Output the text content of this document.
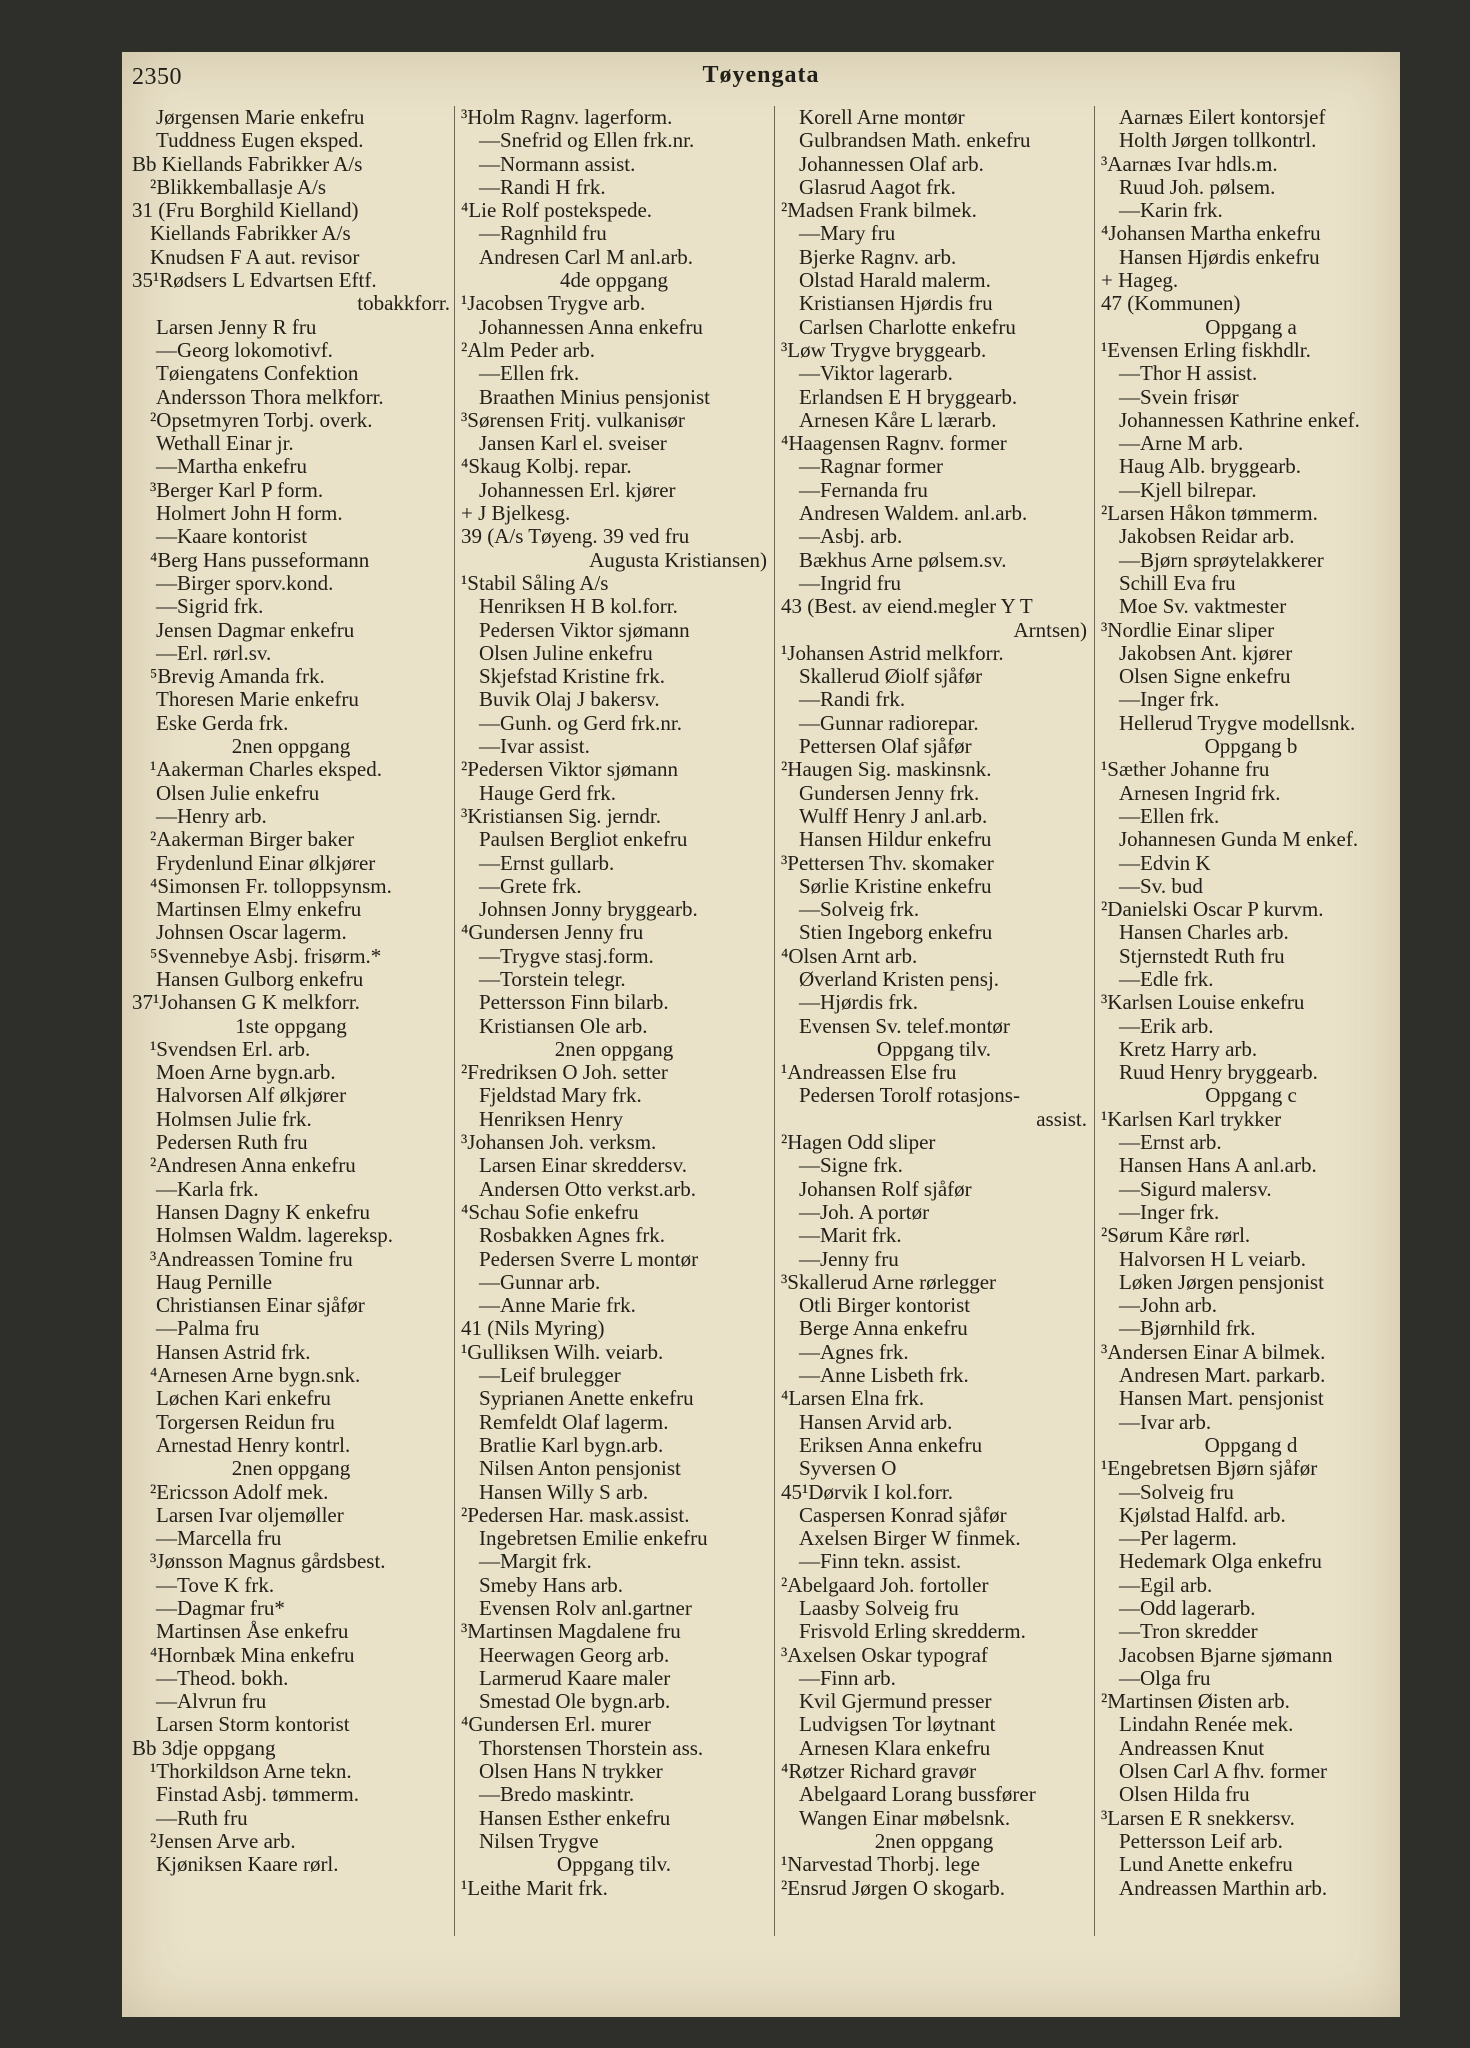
2350	Tøyengata
Jørgensen Marie enkefru
Tuddness Eugen eksped.
Bb Kiellands Fabrikker A/s
²Blikkemballasje A/s
31 (Fru Borghild Kielland)
Kiellands Fabrikker A/s
Knudsen F A aut. revisor
35¹Rødsers L Edvartsen Eftf.
tobakkforr.
Larsen Jenny R fru
—Georg lokomotivf.
Tøiengatens Confektion
Andersson Thora melkforr.
²Opsetmyren Torbj. overk.
Wethall Einar jr.
—Martha enkefru
³Berger Karl P form.
Holmert John H form.
—Kaare kontorist
⁴Berg Hans pusseformann
—Birger sporv.kond.
—Sigrid frk.
Jensen Dagmar enkefru
—Erl. rørl.sv.
⁵Brevig Amanda frk.
Thoresen Marie enkefru
Eske Gerda frk.
2nen oppgang
¹Aakerman Charles eksped.
Olsen Julie enkefru
—Henry arb.
²Aakerman Birger baker
Frydenlund Einar ølkjører
⁴Simonsen Fr. tolloppsynsm.
Martinsen Elmy enkefru
Johnsen Oscar lagerm.
⁵Svennebye Asbj. frisørm.*
Hansen Gulborg enkefru
37¹Johansen G K melkforr.
1ste oppgang
¹Svendsen Erl. arb.
Moen Arne bygn.arb.
Halvorsen Alf ølkjører
Holmsen Julie frk.
Pedersen Ruth fru
²Andresen Anna enkefru
—Karla frk.
Hansen Dagny K enkefru
Holmsen Waldm. lagereksp.
³Andreassen Tomine fru
Haug Pernille
Christiansen Einar sjåfør
—Palma fru
Hansen Astrid frk.
⁴Arnesen Arne bygn.snk.
Løchen Kari enkefru
Torgersen Reidun fru
Arnestad Henry kontrl.
2nen oppgang
²Ericsson Adolf mek.
Larsen Ivar oljemøller
—Marcella fru
³Jønsson Magnus gårdsbest.
—Tove K frk.
—Dagmar fru*
Martinsen Åse enkefru
⁴Hornbæk Mina enkefru
—Theod. bokh.
—Alvrun fru
Larsen Storm kontorist
Bb 3dje oppgang
¹Thorkildson Arne tekn.
Finstad Asbj. tømmerm.
—Ruth fru
²Jensen Arve arb.
Kjøniksen Kaare rørl.
³Holm Ragnv. lagerform.
—Snefrid og Ellen frk.nr.
—Normann assist.
—Randi H frk.
⁴Lie Rolf postekspede.
—Ragnhild fru
Andresen Carl M anl.arb.
4de oppgang
¹Jacobsen Trygve arb.
Johannessen Anna enkefru
²Alm Peder arb.
—Ellen frk.
Braathen Minius pensjonist
³Sørensen Fritj. vulkanisør
Jansen Karl el. sveiser
⁴Skaug Kolbj. repar.
Johannessen Erl. kjører
+ J Bjelkesg.
39 (A/s Tøyeng. 39 ved fru
Augusta Kristiansen)
¹Stabil Såling A/s
Henriksen H B kol.forr.
Pedersen Viktor sjømann
Olsen Juline enkefru
Skjefstad Kristine frk.
Buvik Olaj J bakersv.
—Gunh. og Gerd frk.nr.
—Ivar assist.
²Pedersen Viktor sjømann
Hauge Gerd frk.
³Kristiansen Sig. jerndr.
Paulsen Bergliot enkefru
—Ernst gullarb.
—Grete frk.
Johnsen Jonny bryggearb.
⁴Gundersen Jenny fru
—Trygve stasj.form.
—Torstein telegr.
Pettersson Finn bilarb.
Kristiansen Ole arb.
2nen oppgang
²Fredriksen O Joh. setter
Fjeldstad Mary frk.
Henriksen Henry
³Johansen Joh. verksm.
Larsen Einar skreddersv.
Andersen Otto verkst.arb.
⁴Schau Sofie enkefru
Rosbakken Agnes frk.
Pedersen Sverre L montør
—Gunnar arb.
—Anne Marie frk.
41 (Nils Myring)
¹Gulliksen Wilh. veiarb.
—Leif brulegger
Syprianen Anette enkefru
Remfeldt Olaf lagerm.
Bratlie Karl bygn.arb.
Nilsen Anton pensjonist
Hansen Willy S arb.
²Pedersen Har. mask.assist.
Ingebretsen Emilie enkefru
—Margit frk.
Smeby Hans arb.
Evensen Rolv anl.gartner
³Martinsen Magdalene fru
Heerwagen Georg arb.
Larmerud Kaare maler
Smestad Ole bygn.arb.
⁴Gundersen Erl. murer
Thorstensen Thorstein ass.
Olsen Hans N trykker
—Bredo maskintr.
Hansen Esther enkefru
Nilsen Trygve
Oppgang tilv.
¹Leithe Marit frk.
Korell Arne montør
Gulbrandsen Math. enkefru
Johannessen Olaf arb.
Glasrud Aagot frk.
²Madsen Frank bilmek.
—Mary fru
Bjerke Ragnv. arb.
Olstad Harald malerm.
Kristiansen Hjørdis fru
Carlsen Charlotte enkefru
³Løw Trygve bryggearb.
—Viktor lagerarb.
Erlandsen E H bryggearb.
Arnesen Kåre L lærarb.
⁴Haagensen Ragnv. former
—Ragnar former
—Fernanda fru
Andresen Waldem. anl.arb.
—Asbj. arb.
Bækhus Arne pølsem.sv.
—Ingrid fru
43 (Best. av eiend.megler Y T
Arntsen)
¹Johansen Astrid melkforr.
Skallerud Øiolf sjåfør
—Randi frk.
—Gunnar radiorepar.
Pettersen Olaf sjåfør
²Haugen Sig. maskinsnk.
Gundersen Jenny frk.
Wulff Henry J anl.arb.
Hansen Hildur enkefru
³Pettersen Thv. skomaker
Sørlie Kristine enkefru
—Solveig frk.
Stien Ingeborg enkefru
⁴Olsen Arnt arb.
Øverland Kristen pensj.
—Hjørdis frk.
Evensen Sv. telef.montør
Oppgang tilv.
¹Andreassen Else fru
Pedersen Torolf rotasjons-
assist.
²Hagen Odd sliper
—Signe frk.
Johansen Rolf sjåfør
—Joh. A portør
—Marit frk.
—Jenny fru
³Skallerud Arne rørlegger
Otli Birger kontorist
Berge Anna enkefru
—Agnes frk.
—Anne Lisbeth frk.
⁴Larsen Elna frk.
Hansen Arvid arb.
Eriksen Anna enkefru
Syversen O
45¹Dørvik I kol.forr.
Caspersen Konrad sjåfør
Axelsen Birger W finmek.
—Finn tekn. assist.
²Abelgaard Joh. fortoller
Laasby Solveig fru
Frisvold Erling skredderm.
³Axelsen Oskar typograf
—Finn arb.
Kvil Gjermund presser
Ludvigsen Tor løytnant
Arnesen Klara enkefru
⁴Røtzer Richard gravør
Abelgaard Lorang bussfører
Wangen Einar møbelsnk.
2nen oppgang
¹Narvestad Thorbj. lege
²Ensrud Jørgen O skogarb.
Aarnæs Eilert kontorsjef
Holth Jørgen tollkontrl.
³Aarnæs Ivar hdls.m.
Ruud Joh. pølsem.
—Karin frk.
⁴Johansen Martha enkefru
Hansen Hjørdis enkefru
+ Hageg.
47 (Kommunen)
Oppgang a
¹Evensen Erling fiskhdlr.
—Thor H assist.
—Svein frisør
Johannessen Kathrine enkef.
—Arne M arb.
Haug Alb. bryggearb.
—Kjell bilrepar.
²Larsen Håkon tømmerm.
Jakobsen Reidar arb.
—Bjørn sprøytelakkerer
Schill Eva fru
Moe Sv. vaktmester
³Nordlie Einar sliper
Jakobsen Ant. kjører
Olsen Signe enkefru
—Inger frk.
Hellerud Trygve modellsnk.
Oppgang b
¹Sæther Johanne fru
Arnesen Ingrid frk.
—Ellen frk.
Johannesen Gunda M enkef.
—Edvin K
—Sv. bud
²Danielski Oscar P kurvm.
Hansen Charles arb.
Stjernstedt Ruth fru
—Edle frk.
³Karlsen Louise enkefru
—Erik arb.
Kretz Harry arb.
Ruud Henry bryggearb.
Oppgang c
¹Karlsen Karl trykker
—Ernst arb.
Hansen Hans A anl.arb.
—Sigurd malersv.
—Inger frk.
²Sørum Kåre rørl.
Halvorsen H L veiarb.
Løken Jørgen pensjonist
—John arb.
—Bjørnhild frk.
³Andersen Einar A bilmek.
Andresen Mart. parkarb.
Hansen Mart. pensjonist
—Ivar arb.
Oppgang d
¹Engebretsen Bjørn sjåfør
—Solveig fru
Kjølstad Halfd. arb.
—Per lagerm.
Hedemark Olga enkefru
—Egil arb.
—Odd lagerarb.
—Tron skredder
Jacobsen Bjarne sjømann
—Olga fru
²Martinsen Øisten arb.
Lindahn Renée mek.
Andreassen Knut
Olsen Carl A fhv. former
Olsen Hilda fru
³Larsen E R snekkersv.
Pettersson Leif arb.
Lund Anette enkefru
Andreassen Marthin arb.
